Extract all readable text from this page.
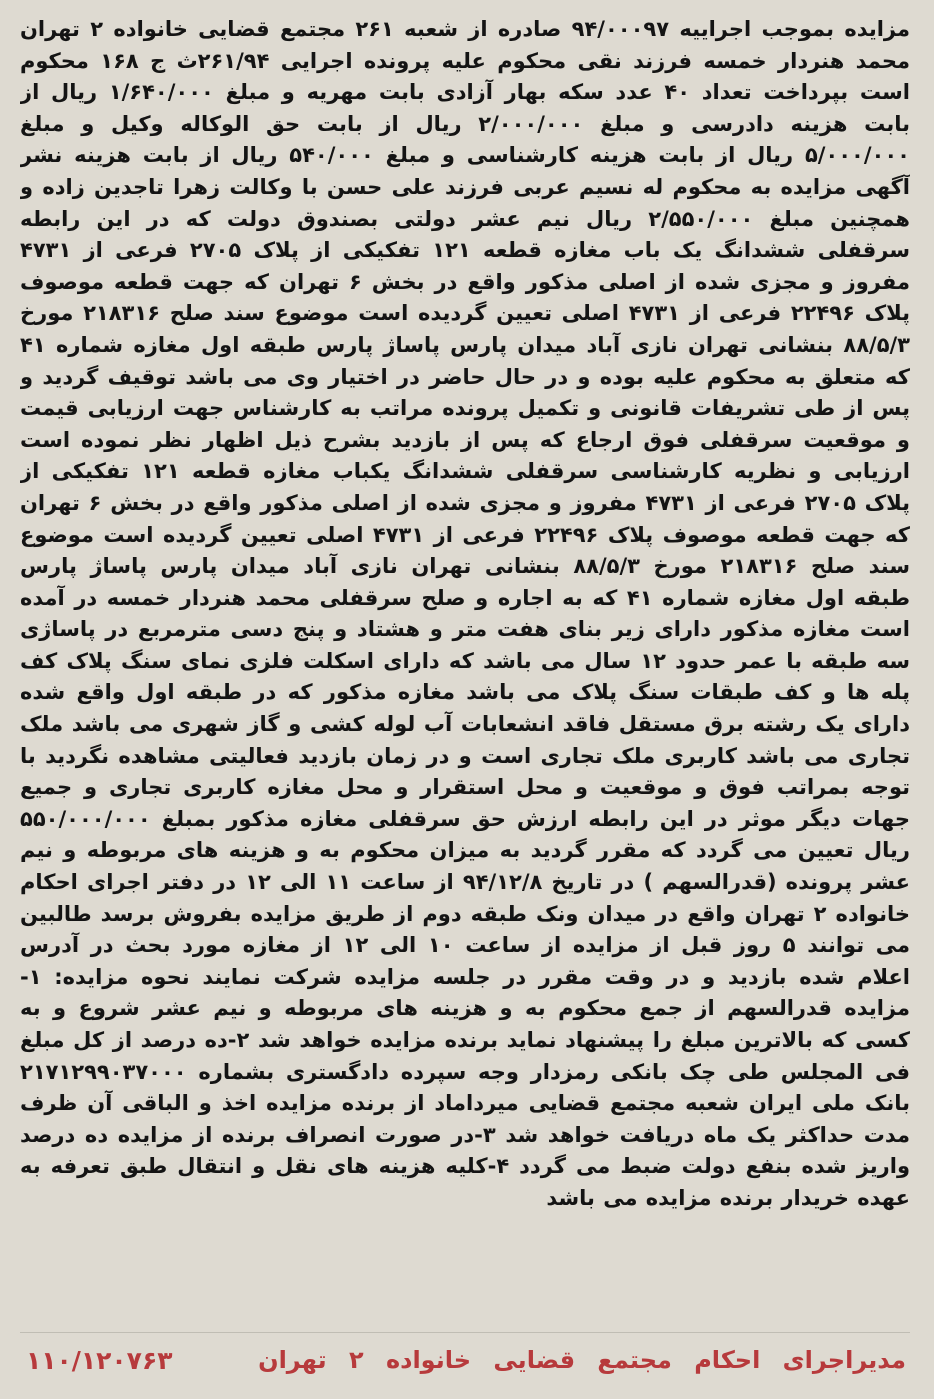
مزایده بموجب اجراییه ۹۴/۰۰۰۹۷ صادره از شعبه ۲۶۱ مجتمع قضایی خانواده ۲ تهران محمد هنردار خمسه فرزند نقی محکوم علیه پرونده اجرایی ۲۶۱/۹۴ث ج ۱۶۸ محکوم است بپرداخت تعداد ۴۰ عدد سکه بهار آزادی بابت مهریه و مبلغ ۱/۶۴۰/۰۰۰ ریال از بابت هزینه دادرسی و مبلغ ۲/۰۰۰/۰۰۰ ریال از بابت حق الوکاله وکیل و مبلغ ۵/۰۰۰/۰۰۰ ریال از بابت هزینه کارشناسی و مبلغ ۵۴۰/۰۰۰ ریال از بابت هزینه نشر آگهی مزایده به محکوم له نسیم عربی فرزند علی حسن با وکالت زهرا تاجدین زاده و همچنین مبلغ ۲/۵۵۰/۰۰۰ ریال نیم عشر دولتی بصندوق دولت که در این رابطه سرقفلی ششدانگ یک باب مغازه قطعه ۱۲۱ تفکیکی از پلاک ۲۷۰۵ فرعی از ۴۷۳۱ مفروز و مجزی شده از اصلی مذکور واقع در بخش ۶ تهران که جهت قطعه موصوف پلاک ۲۲۴۹۶ فرعی از ۴۷۳۱ اصلی تعیین گردیده است موضوع سند صلح ۲۱۸۳۱۶ مورخ ۸۸/۵/۳ بنشانی تهران نازی آباد میدان پارس پاساژ پارس طبقه اول مغازه شماره ۴۱ که متعلق به محکوم علیه بوده و در حال حاضر در اختیار وی می باشد توقیف گردید و پس از طی تشریفات قانونی و تکمیل پرونده مراتب به کارشناس جهت ارزیابی قیمت و موقعیت سرقفلی فوق ارجاع که پس از بازدید بشرح ذیل اظهار نظر نموده است ارزیابی و نظریه کارشناسی سرقفلی ششدانگ یکباب مغازه قطعه ۱۲۱ تفکیکی از پلاک ۲۷۰۵ فرعی از ۴۷۳۱ مفروز و مجزی شده از اصلی مذکور واقع در بخش ۶ تهران که جهت قطعه موصوف پلاک ۲۲۴۹۶ فرعی از ۴۷۳۱ اصلی تعیین گردیده است موضوع سند صلح ۲۱۸۳۱۶ مورخ ۸۸/۵/۳ بنشانی تهران نازی آباد میدان پارس پاساژ پارس طبقه اول مغازه شماره ۴۱ که به اجاره و صلح سرقفلی محمد هنردار خمسه در آمده است مغازه مذکور دارای زیر بنای هفت متر و هشتاد و پنج دسی مترمربع در پاساژی سه طبقه با عمر حدود ۱۲ سال می باشد که دارای اسکلت فلزی نمای سنگ پلاک کف پله ها و کف طبقات سنگ پلاک می باشد مغازه مذکور که در طبقه اول واقع شده دارای یک رشته برق مستقل فاقد انشعابات آب لوله کشی و گاز شهری می باشد ملک تجاری می باشد کاربری ملک تجاری است و در زمان بازدید فعالیتی مشاهده نگردید با توجه بمراتب فوق و موقعیت و محل استقرار و محل مغازه کاربری تجاری و جمیع جهات دیگر موثر در این رابطه ارزش حق سرقفلی مغازه مذکور بمبلغ ۵۵۰/۰۰۰/۰۰۰ ریال تعیین می گردد که مقرر گردید به میزان محکوم به و هزینه های مربوطه و نیم عشر پرونده (قدرالسهم ) در تاریخ ۹۴/۱۲/۸ از ساعت ۱۱ الی ۱۲ در دفتر اجرای احکام خانواده ۲ تهران واقع در میدان ونک طبقه دوم از طریق مزایده بفروش برسد طالبین می توانند ۵ روز قبل از مزایده از ساعت ۱۰ الی ۱۲ از مغازه مورد بحث در آدرس اعلام شده بازدید و در وقت مقرر در جلسه مزایده شرکت نمایند نحوه مزایده: ۱-مزایده قدرالسهم از جمع محکوم به و هزینه های مربوطه و نیم عشر شروع و به کسی که بالاترین مبلغ را پیشنهاد نماید برنده مزایده خواهد شد ۲-ده درصد از کل مبلغ فی المجلس طی چک بانکی رمزدار وجه سپرده دادگستری بشماره ۲۱۷۱۲۹۹۰۳۷۰۰۰ بانک ملی ایران شعبه مجتمع قضایی میرداماد از برنده مزایده اخذ و الباقی آن ظرف مدت حداکثر یک ماه دریافت خواهد شد ۳-در صورت انصراف برنده از مزایده ده درصد واریز شده بنفع دولت ضبط می گردد ۴-کلیه هزینه های نقل و انتقال طبق تعرفه به عهده خریدار برنده مزایده می باشد

مدیراجرای احکام مجتمع قضایی خانواده ۲ تهران
۱۱۰/۱۲۰۷۶۳
